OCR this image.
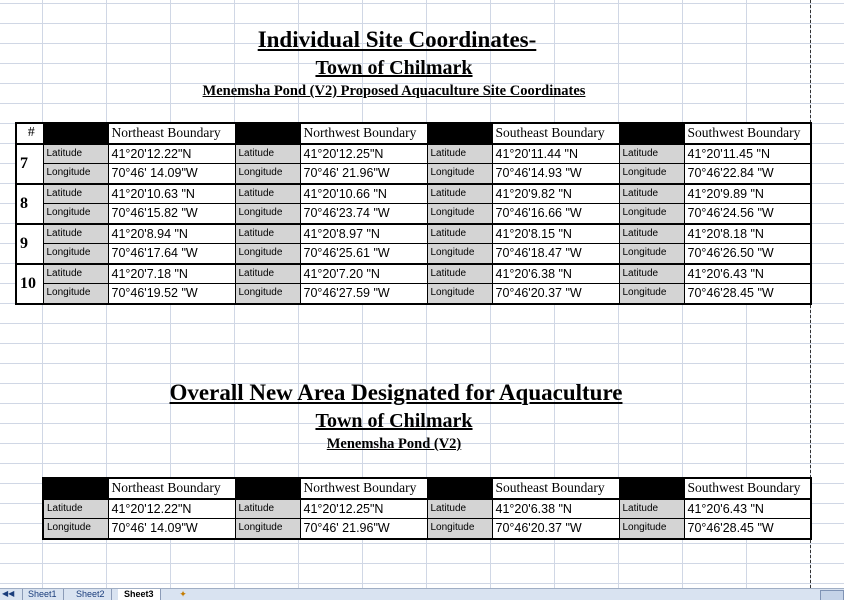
Individual Site Coordinates-
Town of Chilmark
Menemsha Pond (V2) Proposed Aquaculture Site Coordinates
#		Northeast Boundary		Northwest Boundary		Southeast Boundary		Southwest Boundary
7	Latitude	41°20'12.22"N	Latitude	41°20'12.25"N	Latitude	41°20'11.44 "N	Latitude	41°20'11.45 "N
	Longitude	70°46' 14.09"W	Longitude	70°46' 21.96"W	Longitude	70°46'14.93 "W	Longitude	70°46'22.84 "W
8	Latitude	41°20'10.63 "N	Latitude	41°20'10.66 "N	Latitude	41°20'9.82 "N	Latitude	41°20'9.89 "N
	Longitude	70°46'15.82 "W	Longitude	70°46'23.74 "W	Longitude	70°46'16.66 "W	Longitude	70°46'24.56 "W
9	Latitude	41°20'8.94 "N	Latitude	41°20'8.97 "N	Latitude	41°20'8.15 "N	Latitude	41°20'8.18 "N
	Longitude	70°46'17.64 "W	Longitude	70°46'25.61 "W	Longitude	70°46'18.47 "W	Longitude	70°46'26.50 "W
10	Latitude	41°20'7.18 "N	Latitude	41°20'7.20 "N	Latitude	41°20'6.38 "N	Latitude	41°20'6.43 "N
	Longitude	70°46'19.52 "W	Longitude	70°46'27.59 "W	Longitude	70°46'20.37 "W	Longitude	70°46'28.45 "W
Overall New Area Designated for Aquaculture
Town of Chilmark
Menemsha Pond (V2)
	Northeast Boundary		Northwest Boundary		Southeast Boundary		Southwest Boundary
Latitude	41°20'12.22"N	Latitude	41°20'12.25"N	Latitude	41°20'6.38 "N	Latitude	41°20'6.43 "N
Longitude	70°46' 14.09"W	Longitude	70°46' 21.96"W	Longitude	70°46'20.37 "W	Longitude	70°46'28.45 "W
◀◀	Sheet1	Sheet2	Sheet3	✦
